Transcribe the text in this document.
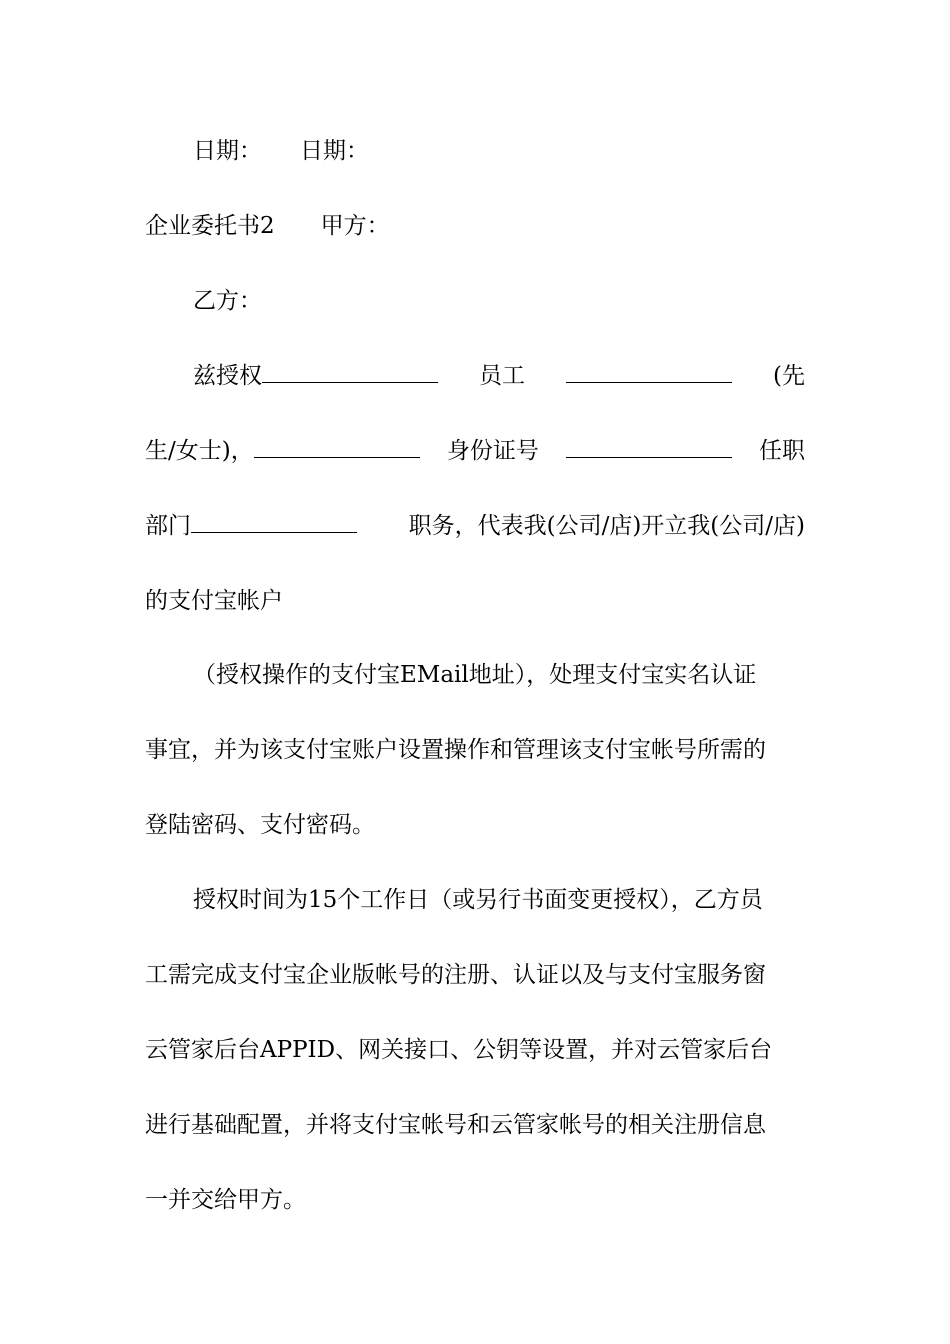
日期： 日期：
企业委托书2 甲方：
乙方：
兹授权	员工	(先
生/女士)，	身份证号	任职
部门	职务，代表我(公司/店)开立我(公司/店)
的支付宝帐户
（授权操作的支付宝EMail地址），处理支付宝实名认证
事宜，并为该支付宝账户设置操作和管理该支付宝帐号所需的
登陆密码、支付密码。
授权时间为15个工作日（或另行书面变更授权），乙方员
工需完成支付宝企业版帐号的注册、认证以及与支付宝服务窗
云管家后台APPID、网关接口、公钥等设置，并对云管家后台
进行基础配置，并将支付宝帐号和云管家帐号的相关注册信息
一并交给甲方。
